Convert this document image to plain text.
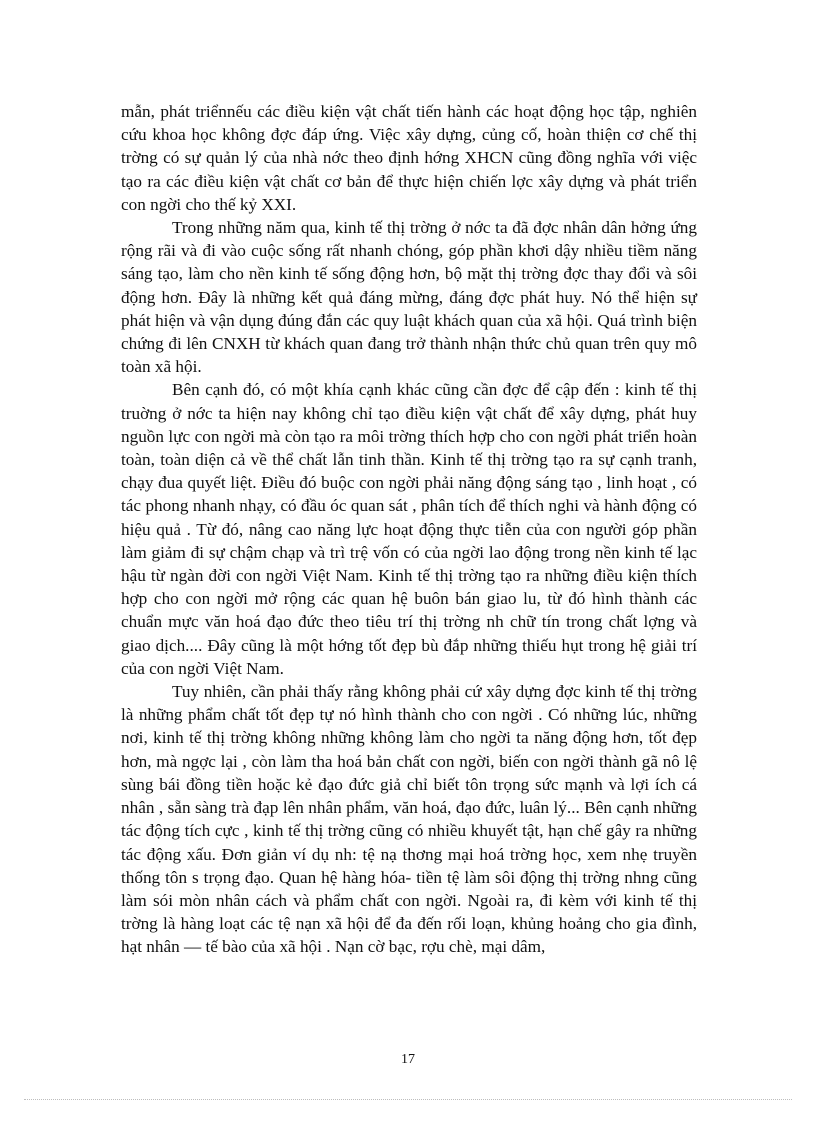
mẫn, phát triểnnếu các điều kiện vật chất tiến hành các hoạt động học tập, nghiên cứu khoa học không đợc đáp ứng. Việc xây dựng, củng cố, hoàn thiện cơ chế thị trờng có sự quản lý của nhà nớc theo định hớng XHCN cũng đồng nghĩa với việc tạo ra các điều kiện vật chất cơ bản để thực hiện chiến lợc xây dựng và phát triển con ngời cho thế kỷ XXI.

Trong những năm qua, kinh tế thị trờng ở nớc ta đã đợc nhân dân hởng ứng rộng rãi và đi vào cuộc sống rất nhanh chóng, góp phần khơi dậy nhiều tiềm năng sáng tạo, làm cho nền kinh tế sống động hơn, bộ mặt thị trờng đợc thay đổi và sôi động hơn. Đây là những kết quả đáng mừng, đáng đợc phát huy. Nó thể hiện sự phát hiện và vận dụng đúng đắn các quy luật khách quan của xã hội. Quá trình biện chứng đi lên CNXH từ khách quan đang trở thành nhận thức chủ quan trên quy mô toàn xã hội.

Bên cạnh đó, có một khía cạnh khác cũng cần đợc để cập đến : kinh tế thị truờng ở nớc ta hiện nay không chỉ tạo điều kiện vật chất để xây dựng, phát huy nguồn lực con ngời mà còn tạo ra môi trờng thích hợp cho con ngời phát triển hoàn toàn, toàn diện cả về thể chất lẫn tinh thần. Kinh tế thị trờng tạo ra sự cạnh tranh, chạy đua quyết liệt. Điều đó buộc con ngời phải năng động sáng tạo , linh hoạt , có tác phong nhanh nhạy, có đầu óc quan sát , phân tích để thích nghi và hành động có hiệu quả . Từ đó, nâng cao năng lực hoạt động thực tiễn của con người góp phần làm giảm đi sự chậm chạp và trì trệ vốn có của ngời lao động trong nền kinh tế lạc hậu từ ngàn đời con ngời Việt Nam. Kinh tế thị trờng tạo ra những điều kiện thích hợp cho con ngời mở rộng các quan hệ buôn bán giao lu, từ đó hình thành các chuẩn mực văn hoá đạo đức theo tiêu trí thị trờng nh chữ tín trong chất lợng và giao dịch.... Đây cũng là một hớng tốt đẹp bù đắp những thiếu hụt trong hệ giải trí của con ngời Việt Nam.

Tuy nhiên, cần phải thấy rằng không phải cứ xây dựng đợc kinh tế thị trờng là những phẩm chất tốt đẹp tự nó hình thành cho con ngời . Có những lúc, những nơi, kinh tế thị trờng không những không làm cho ngời ta năng động hơn, tốt đẹp hơn, mà ngợc lại , còn làm tha hoá bản chất con ngời, biến con ngời thành gã nô lệ sùng bái đồng tiền hoặc kẻ đạo đức giả chỉ biết tôn trọng sức mạnh và lợi ích cá nhân , sẵn sàng trà đạp lên nhân phẩm, văn hoá, đạo đức, luân lý... Bên cạnh những tác động tích cực , kinh tế thị trờng cũng có nhiều khuyết tật, hạn chế gây ra những tác động xấu. Đơn giản ví dụ nh: tệ nạ thơng mại hoá trờng học, xem nhẹ truyền thống tôn s trọng đạo. Quan hệ hàng hóa- tiền tệ làm sôi động thị trờng nhng cũng làm sói mòn nhân cách và phẩm chất con ngời. Ngoài ra, đi kèm với kinh tế thị trờng là hàng loạt các tệ nạn xã hội để đa đến rối loạn, khủng hoảng cho gia đình, hạt nhân — tế bào của xã hội . Nạn cờ bạc, rợu chè, mại dâm,

17
